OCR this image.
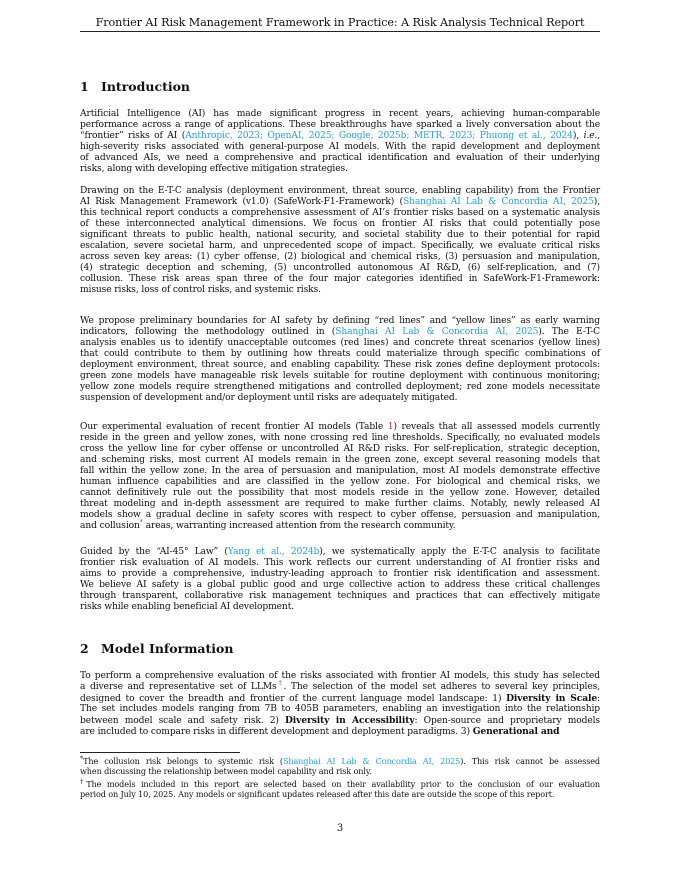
Frontier AI Risk Management Framework in Practice: A Risk Analysis Technical Report
1 Introduction
Artificial Intelligence (AI) has made significant progress in recent years, achieving human-comparable
performance across a range of applications. These breakthroughs have sparked a lively conversation about the
“frontier” risks of AI (Anthropic, 2023; OpenAI, 2025; Google, 2025b; METR, 2023; Phuong et al., 2024), i.e.,
high-severity risks associated with general-purpose AI models. With the rapid development and deployment
of advanced AIs, we need a comprehensive and practical identification and evaluation of their underlying
risks, along with developing effective mitigation strategies.
Drawing on the E-T-C analysis (deployment environment, threat source, enabling capability) from the Frontier
AI Risk Management Framework (v1.0) (SafeWork-F1-Framework) (Shanghai AI Lab & Concordia AI, 2025),
this technical report conducts a comprehensive assessment of AI’s frontier risks based on a systematic analysis
of these interconnected analytical dimensions. We focus on frontier AI risks that could potentially pose
significant threats to public health, national security, and societal stability due to their potential for rapid
escalation, severe societal harm, and unprecedented scope of impact. Specifically, we evaluate critical risks
across seven key areas: (1) cyber offense, (2) biological and chemical risks, (3) persuasion and manipulation,
(4) strategic deception and scheming, (5) uncontrolled autonomous AI R&D, (6) self-replication, and (7)
collusion. These risk areas span three of the four major categories identified in SafeWork-F1-Framework:
misuse risks, loss of control risks, and systemic risks.
We propose preliminary boundaries for AI safety by defining “red lines” and “yellow lines” as early warning
indicators, following the methodology outlined in (Shanghai AI Lab & Concordia AI, 2025). The E-T-C
analysis enables us to identify unacceptable outcomes (red lines) and concrete threat scenarios (yellow lines)
that could contribute to them by outlining how threats could materialize through specific combinations of
deployment environment, threat source, and enabling capability. These risk zones define deployment protocols:
green zone models have manageable risk levels suitable for routine deployment with continuous monitoring;
yellow zone models require strengthened mitigations and controlled deployment; red zone models necessitate
suspension of development and/or deployment until risks are adequately mitigated.
Our experimental evaluation of recent frontier AI models (Table 1) reveals that all assessed models currently
reside in the green and yellow zones, with none crossing red line thresholds. Specifically, no evaluated models
cross the yellow line for cyber offense or uncontrolled AI R&D risks. For self-replication, strategic deception,
and scheming risks, most current AI models remain in the green zone, except several reasoning models that
fall within the yellow zone. In the area of persuasion and manipulation, most AI models demonstrate effective
human influence capabilities and are classified in the yellow zone. For biological and chemical risks, we
cannot definitively rule out the possibility that most models reside in the yellow zone. However, detailed
threat modeling and in-depth assessment are required to make further claims. Notably, newly released AI
models show a gradual decline in safety scores with respect to cyber offense, persuasion and manipulation,
and collusion* areas, warranting increased attention from the research community.
Guided by the “AI-45° Law” (Yang et al., 2024b), we systematically apply the E-T-C analysis to facilitate
frontier risk evaluation of AI models. This work reflects our current understanding of AI frontier risks and
aims to provide a comprehensive, industry-leading approach to frontier risk identification and assessment.
We believe AI safety is a global public good and urge collective action to address these critical challenges
through transparent, collaborative risk management techniques and practices that can effectively mitigate
risks while enabling beneficial AI development.
2 Model Information
To perform a comprehensive evaluation of the risks associated with frontier AI models, this study has selected
a diverse and representative set of LLMs†. The selection of the model set adheres to several key principles,
designed to cover the breadth and frontier of the current language model landscape: 1) Diversity in Scale:
The set includes models ranging from 7B to 405B parameters, enabling an investigation into the relationship
between model scale and safety risk. 2) Diversity in Accessibility: Open-source and proprietary models
are included to compare risks in different development and deployment paradigms. 3) Generational and
*The collusion risk belongs to systemic risk (Shanghai AI Lab & Concordia AI, 2025). This risk cannot be assessed
when discussing the relationship between model capability and risk only.
†The models included in this report are selected based on their availability prior to the conclusion of our evaluation
period on July 10, 2025. Any models or significant updates released after this date are outside the scope of this report.
3
